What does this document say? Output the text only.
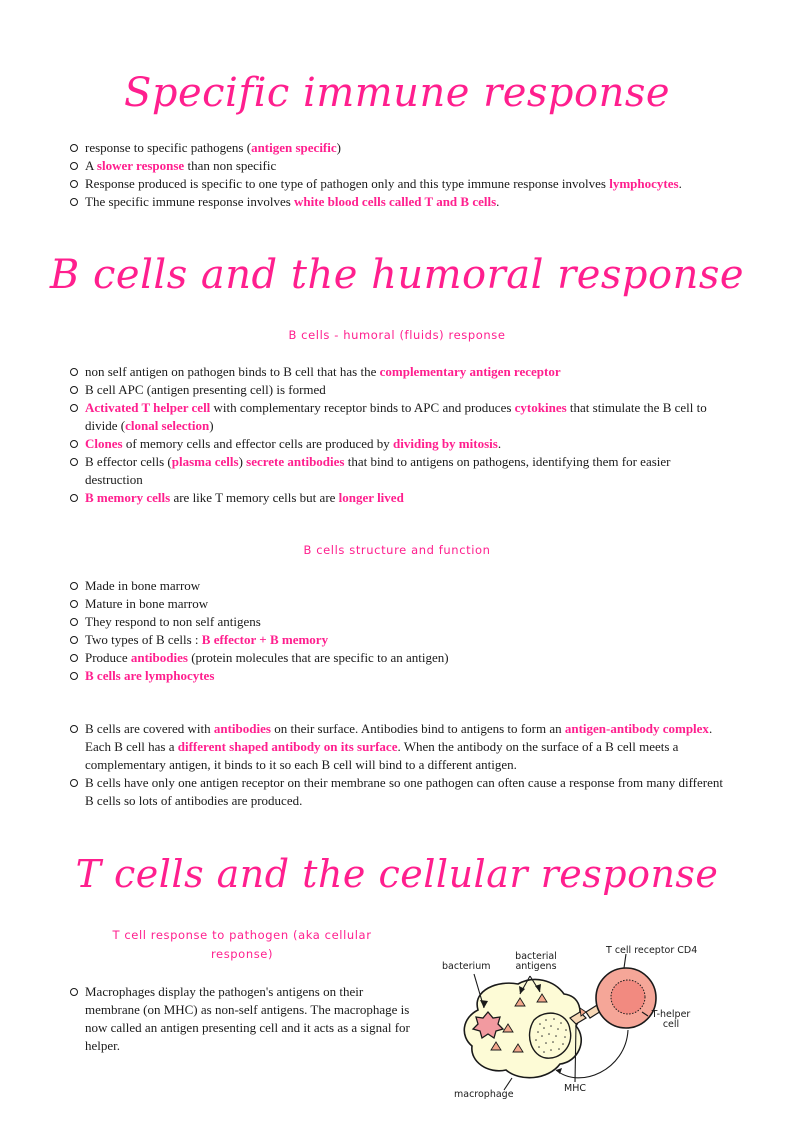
Specific immune response
response to specific pathogens (antigen specific)
A slower response than non specific
Response produced is specific to one type of pathogen only and this type immune response involves lymphocytes.
The specific immune response involves white blood cells called T and B cells.
B cells and the humoral response
B cells - humoral (fluids) response
non self antigen on pathogen binds to B cell that has the complementary antigen receptor
B cell APC (antigen presenting cell) is formed
Activated T helper cell with complementary receptor binds to APC and produces cytokines that stimulate the B cell to divide (clonal selection)
Clones of memory cells and effector cells are produced by dividing by mitosis.
B effector cells (plasma cells) secrete antibodies that bind to antigens on pathogens, identifying them for easier destruction
B memory cells are like T memory cells but are longer lived
B cells structure and function
Made in bone marrow
Mature in bone marrow
They respond to non self antigens
Two types of B cells : B effector + B memory
Produce antibodies (protein molecules that are specific to an antigen)
B cells are lymphocytes
B cells are covered with antibodies on their surface. Antibodies bind to antigens to form an antigen-antibody complex. Each B cell has a different shaped antibody on its surface. When the antibody on the surface of a B cell meets a complementary antigen, it binds to it so each B cell will bind to a different antigen.
B cells have only one antigen receptor on their membrane so one pathogen can often cause a response from many different B cells so lots of antibodies are produced.
T cells and the cellular response
T cell response to pathogen (aka cellular response)
Macrophages display the pathogen's antigens on their membrane (on MHC) as non-self antigens. The macrophage is now called an antigen presenting cell and it acts as a signal for helper.
bacterium
bacterial antigens
T cell receptor CD4
T-helper cell
MHC
macrophage
